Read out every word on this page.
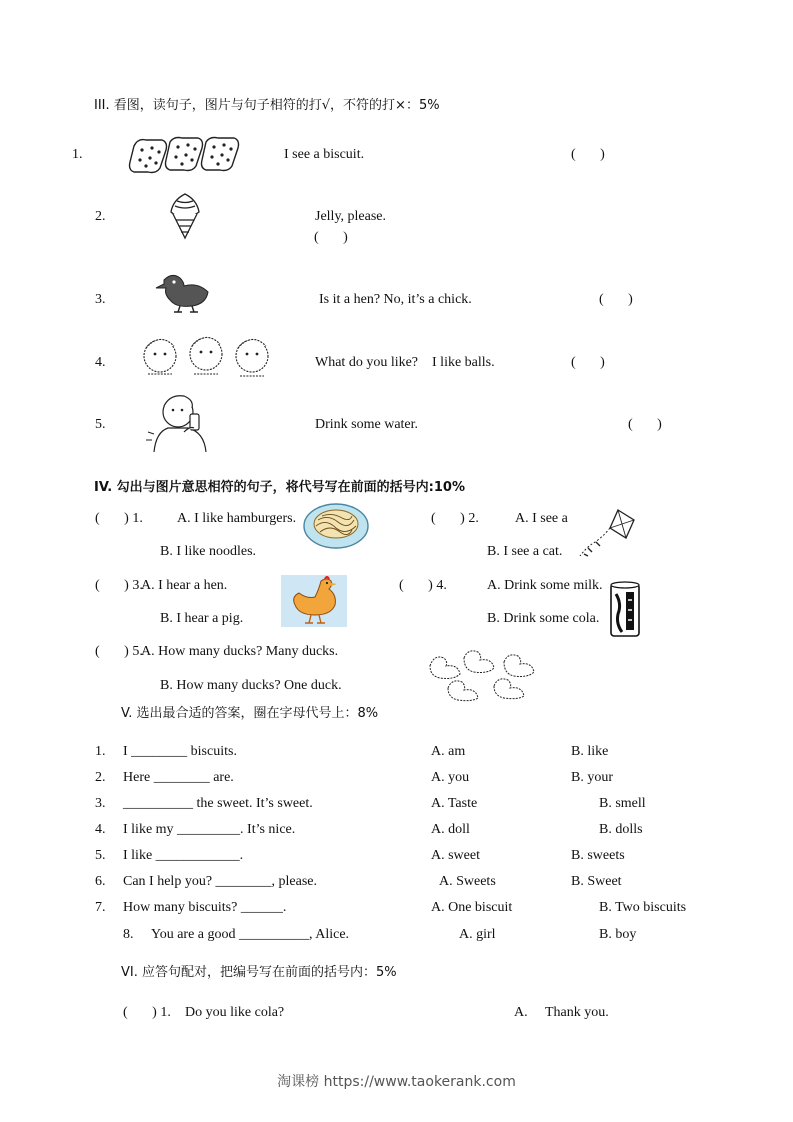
III. 看图，读句子，图片与句子相符的打√，不符的打×：5%
1.	I see a biscuit.	(       )
2.	Jelly, please.
(       )
3.	Is it a hen? No, it’s a chick.	(       )
4.	What do you like?    I like balls.	(       )
5.	Drink some water.	(       )
IV. 勾出与图片意思相符的句子，将代号写在前面的括号内:10%
(       ) 1. A. I like hamburgers.
B. I like noodles.
(       ) 2.	A. I see a
B. I see a cat.
(       ) 3.
A. I hear a hen.
B. I hear a pig.
(       ) 4.	A. Drink some milk.
B. Drink some cola.
(       ) 5.
A. How many ducks? Many ducks.
B. How many ducks? One duck.
V. 选出最合适的答案，圈在字母代号上：8%
1. I ________ biscuits.	A. am	B. like
2. Here ________ are.	A. you	B. your
3. __________ the sweet. It’s sweet.	A. Taste	B. smell
4. I like my _________. It’s nice.	A. doll	B. dolls
5. I like ____________.	A. sweet	B. sweets
6. Can I help you? ________, please.	A. Sweets	B. Sweet
7. How many biscuits? ______.	A. One biscuit	B. Two biscuits
8. You are a good __________, Alice.	A. girl	B. boy
VI. 应答句配对，把编号写在前面的括号内：5%
(       ) 1. Do you like cola?	A. Thank you.
淘课榜 https://www.taokerank.com
